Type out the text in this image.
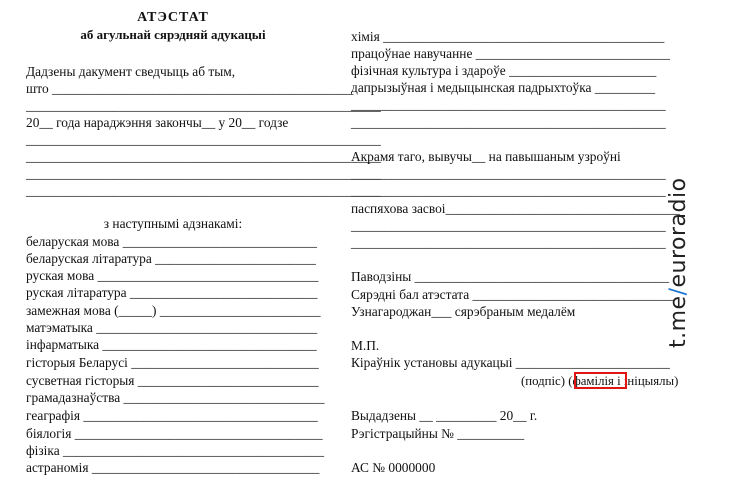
АТЭСТАТ
аб агульнай сярэдняй адукацыі
Дадзены дакумент сведчыць аб тым,
што _____________________________________________
_____________________________________________________
20__ года нараджэння закончы__ у 20__ годзе
_____________________________________________________
_____________________________________________________
_____________________________________________________
_____________________________________________________
з наступнымі адзнакамі:
беларуская мова _____________________________
беларуская літаратура ________________________
руская мова _________________________________
руская літаратура ____________________________
замежная мова (_____) ________________________
матэматыка _________________________________
інфарматыка ________________________________
гісторыя Беларусі ____________________________
сусветная гісторыя ___________________________
грамадазнаўства ______________________________
геаграфія ___________________________________
біялогія _____________________________________
фізіка _______________________________________
астраномія __________________________________
хімія __________________________________________
працоўнае навучанне _____________________________
фізічная культура і здароўе ______________________
дапрызыўная і медыцынская падрыхтоўка _________
_______________________________________________
_______________________________________________
Акрамя таго, вывучы__ на павышаным узроўні
_______________________________________________
_______________________________________________
паспяхова засвоі___________________________________
_______________________________________________
_______________________________________________
Паводзіны ______________________________________
Сярэдні бал атэстата ______________________________
Узнагароджан___ сярэбраным медалём
М.П.
Кіраўнік установы адукацыі _______________________
(подпіс) (фамілія і ініцыялы)
Выдадзены __ _________ 20__ г.
Рэгістрацыйны № __________
АС № 0000000
t.me/euroradio
